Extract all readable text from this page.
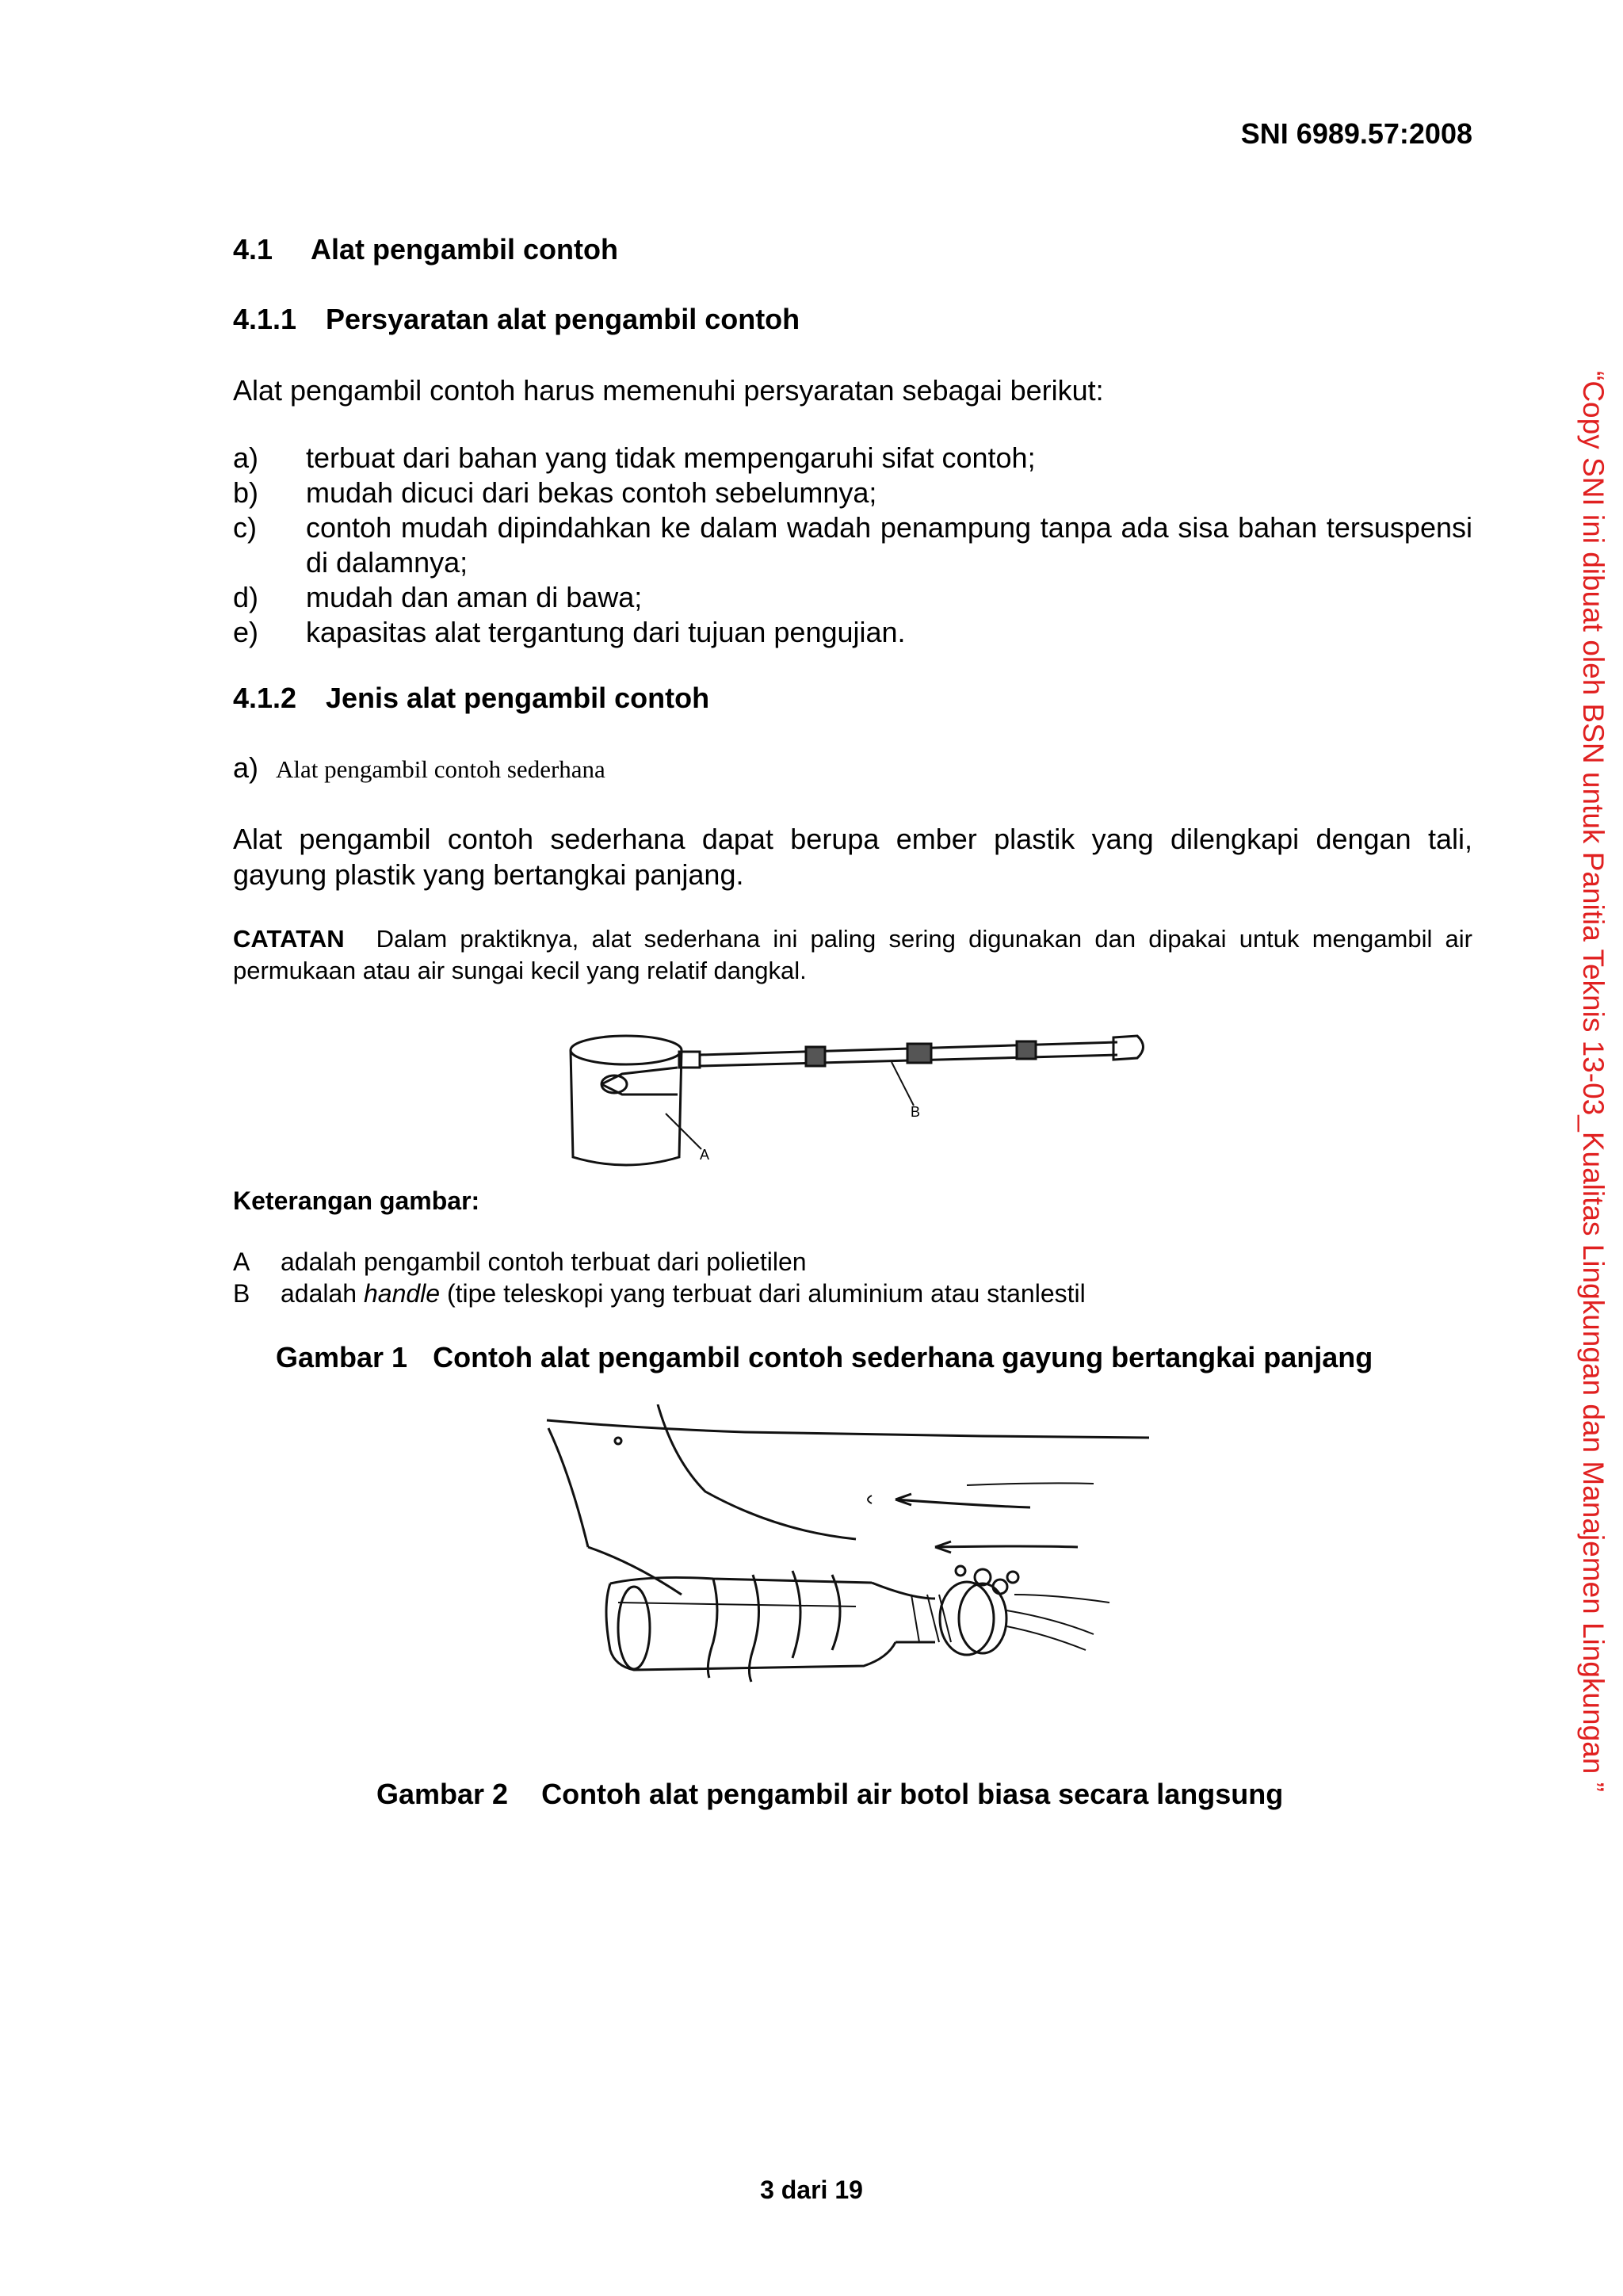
SNI 6989.57:2008
4.1 Alat pengambil contoh
4.1.1 Persyaratan alat pengambil contoh
Alat pengambil contoh harus memenuhi persyaratan sebagai berikut:
a)	terbuat dari bahan yang tidak mempengaruhi sifat contoh;
b)	mudah dicuci dari bekas contoh sebelumnya;
c)	contoh mudah dipindahkan ke dalam wadah penampung tanpa ada sisa bahan tersuspensi di dalamnya;
d)	mudah dan aman di bawa;
e)	kapasitas alat tergantung dari tujuan pengujian.
4.1.2 Jenis alat pengambil contoh
a) Alat pengambil contoh sederhana
Alat pengambil contoh sederhana dapat berupa ember plastik yang dilengkapi dengan tali, gayung plastik yang bertangkai panjang.
CATATAN Dalam praktiknya, alat sederhana ini paling sering digunakan dan dipakai untuk mengambil air permukaan atau air sungai kecil yang relatif dangkal.
B
A
Keterangan gambar:
A	adalah pengambil contoh terbuat dari polietilen
B	adalah handle (tipe teleskopi yang terbuat dari aluminium atau stanlestil
Gambar 1 Contoh alat pengambil contoh sederhana gayung bertangkai panjang
Gambar 2 Contoh alat pengambil air botol biasa secara langsung
3 dari 19
“Copy SNI ini dibuat oleh BSN untuk Panitia Teknis 13-03_Kualitas Lingkungan dan Manajemen Lingkungan ”
